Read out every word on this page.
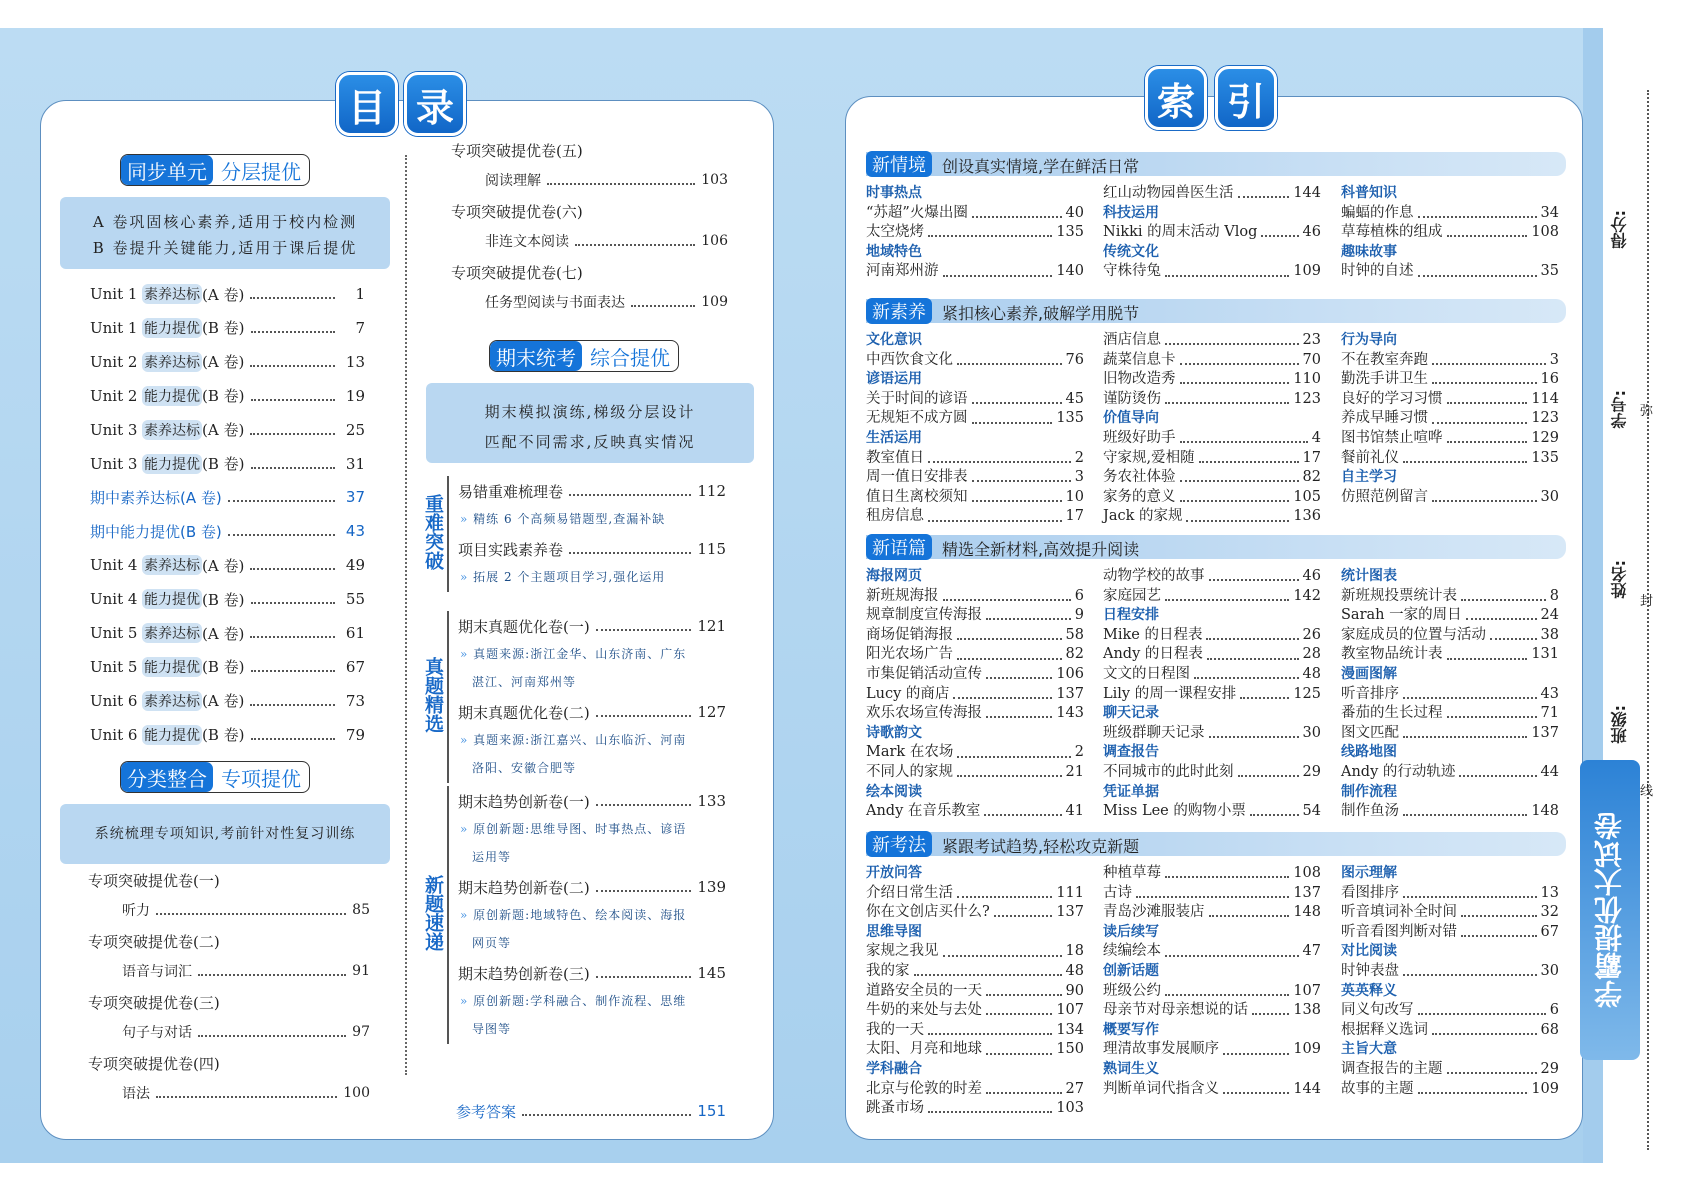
目 录
同步单元 分层提优
A 卷巩固核心素养,适用于校内检测
B 卷提升关键能力,适用于课后提优
Unit 1 素养达标 (A 卷)	1
Unit 1 能力提优 (B 卷)	7
Unit 2 素养达标 (A 卷)	13
Unit 2 能力提优 (B 卷)	19
Unit 3 素养达标 (A 卷)	25
Unit 3 能力提优 (B 卷)	31
期中素养达标(A 卷)	37
期中能力提优(B 卷)	43
Unit 4 素养达标 (A 卷)	49
Unit 4 能力提优 (B 卷)	55
Unit 5 素养达标 (A 卷)	61
Unit 5 能力提优 (B 卷)	67
Unit 6 素养达标 (A 卷)	73
Unit 6 能力提优 (B 卷)	79
分类整合 专项提优
系统梳理专项知识,考前针对性复习训练
专项突破提优卷(一)
听力	85
专项突破提优卷(二)
语音与词汇	91
专项突破提优卷(三)
句子与对话	97
专项突破提优卷(四)
语法	100
专项突破提优卷(五)
阅读理解	103
专项突破提优卷(六)
非连文本阅读	106
专项突破提优卷(七)
任务型阅读与书面表达	109
期末统考 综合提优
期末模拟演练,梯级分层设计
匹配不同需求,反映真实情况
易错重难梳理卷	112
» 精练 6 个高频易错题型,查漏补缺
项目实践素养卷	115
» 拓展 2 个主题项目学习,强化运用
重难突破
期末真题优化卷(一)	121
» 真题来源:浙江金华、山东济南、广东
湛江、河南郑州等
期末真题优化卷(二)	127
» 真题来源:浙江嘉兴、山东临沂、河南
洛阳、安徽合肥等
真题精选
期末趋势创新卷(一)	133
» 原创新题:思维导图、时事热点、谚语
运用等
期末趋势创新卷(二)	139
» 原创新题:地域特色、绘本阅读、海报
网页等
期末趋势创新卷(三)	145
» 原创新题:学科融合、制作流程、思维
导图等
新题速递
参考答案	151
索 引
新情境	创设真实情境,学在鲜活日常
时事热点
“苏超”火爆出圈	40
太空烧烤	135
地域特色
河南郑州游	140
红山动物园兽医生活	144
科技运用
Nikki 的周末活动 Vlog	46
传统文化
守株待兔	109
科普知识
蝙蝠的作息	34
草莓植株的组成	108
趣味故事
时钟的自述	35
新素养	紧扣核心素养,破解学用脱节
文化意识
中西饮食文化	76
谚语运用
关于时间的谚语	45
无规矩不成方圆	135
生活运用
教室值日	2
周一值日安排表	3
值日生离校须知	10
租房信息	17
酒店信息	23
蔬菜信息卡	70
旧物改造秀	110
谨防烫伤	123
价值导向
班级好助手	4
守家规,爱相随	17
务农社体验	82
家务的意义	105
Jack 的家规	136
行为导向
不在教室奔跑	3
勤洗手讲卫生	16
良好的学习习惯	114
养成早睡习惯	123
图书馆禁止喧哗	129
餐前礼仪	135
自主学习
仿照范例留言	30
新语篇	精选全新材料,高效提升阅读
海报网页
新班规海报	6
规章制度宣传海报	9
商场促销海报	58
阳光农场广告	82
市集促销活动宣传	106
Lucy 的商店	137
欢乐农场宣传海报	143
诗歌韵文
Mark 在农场	2
不同人的家规	21
绘本阅读
Andy 在音乐教室	41
动物学校的故事	46
家庭园艺	142
日程安排
Mike 的日程表	26
Andy 的日程表	28
文文的日程图	48
Lily 的周一课程安排	125
聊天记录
班级群聊天记录	30
调查报告
不同城市的此时此刻	29
凭证单据
Miss Lee 的购物小票	54
统计图表
新班规投票统计表	8
Sarah 一家的周日	24
家庭成员的位置与活动	38
教室物品统计表	131
漫画图解
听音排序	43
番茄的生长过程	71
图文匹配	137
线路地图
Andy 的行动轨迹	44
制作流程
制作鱼汤	148
新考法	紧跟考试趋势,轻松攻克新题
开放问答
介绍日常生活	111
你在文创店买什么?	137
思维导图
家规之我见	18
我的家	48
道路安全员的一天	90
牛奶的来处与去处	107
我的一天	134
太阳、月亮和地球	150
学科融合
北京与伦敦的时差	27
跳蚤市场	103
种植草莓	108
古诗	137
青岛沙滩服装店	148
读后续写
续编绘本	47
创新话题
班级公约	107
母亲节对母亲想说的话	138
概要写作
理清故事发展顺序	109
熟词生义
判断单词代指含义	144
图示理解
看图排序	13
听音填词补全时间	32
听音看图判断对错	67
对比阅读
时钟表盘	30
英英释义
同义句改写	6
根据释义选词	68
主旨大意
调查报告的主题	29
故事的主题	109
得分:
学号:
姓名:
班级:
弥
封
线
学霸提优大试卷
